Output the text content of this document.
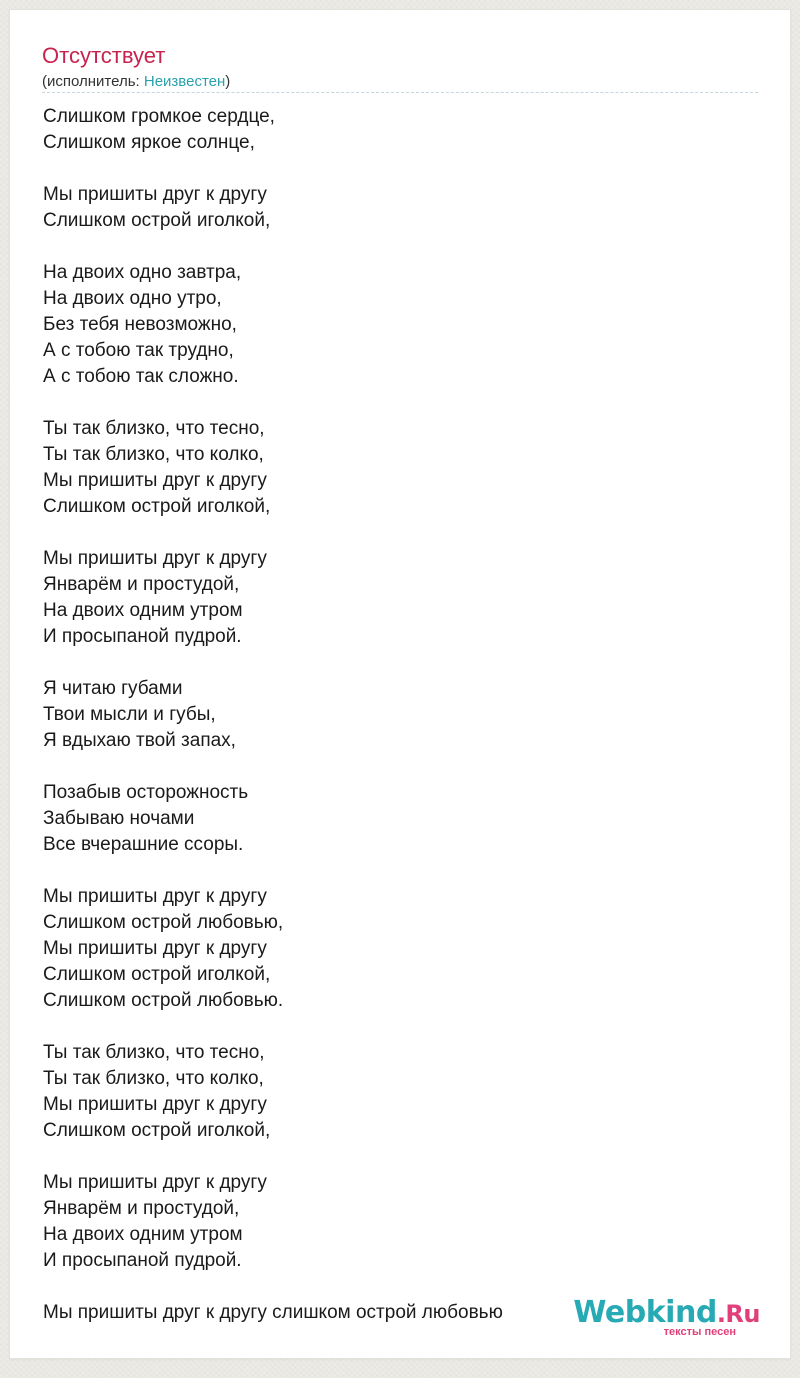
Отсутствует
(исполнитель: Неизвестен)
Слишком громкое сердце,
Слишком яркое солнце,
Мы пришиты друг к другу
Слишком острой иголкой,
На двоих одно завтра,
На двоих одно утро,
Без тебя невозможно,
А с тобою так трудно,
А с тобою так сложно.
Ты так близко, что тесно,
Ты так близко, что колко,
Мы пришиты друг к другу
Слишком острой иголкой,
Мы пришиты друг к другу
Январём и простудой,
На двоих одним утром
И просыпаной пудрой.
Я читаю губами
Твои мысли и губы,
Я вдыхаю твой запах,
Позабыв осторожность
Забываю ночами
Все вчерашние ссоры.
Мы пришиты друг к другу
Слишком острой любовью,
Мы пришиты друг к другу
Слишком острой иголкой,
Слишком острой любовью.
Ты так близко, что тесно,
Ты так близко, что колко,
Мы пришиты друг к другу
Слишком острой иголкой,
Мы пришиты друг к другу
Январём и простудой,
На двоих одним утром
И просыпаной пудрой.
Мы пришиты друг к другу слишком острой любовью	Webkind.Ru
тексты песен
